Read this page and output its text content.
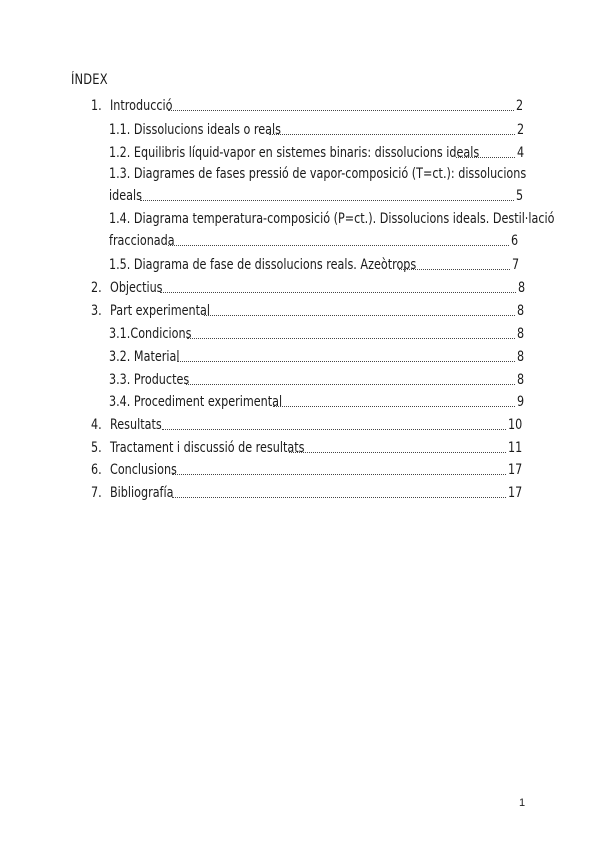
ÍNDEX
1. Introducció	2
1.1. Dissolucions ideals o reals	2
1.2. Equilibris líquid-vapor en sistemes binaris: dissolucions ideals	4
1.3. Diagrames de fases pressió de vapor-composició (T=ct.): dissolucions
ideals	5
1.4. Diagrama temperatura-composició (P=ct.). Dissolucions ideals. Destil·lació
fraccionada	6
1.5. Diagrama de fase de dissolucions reals. Azeòtrops	7
2. Objectius	8
3. Part experimental	8
3.1.Condicions	8
3.2. Material	8
3.3. Productes	8
3.4. Procediment experimental	9
4. Resultats	10
5. Tractament i discussió de resultats	11
6. Conclusions	17
7. Bibliografía	17
1
